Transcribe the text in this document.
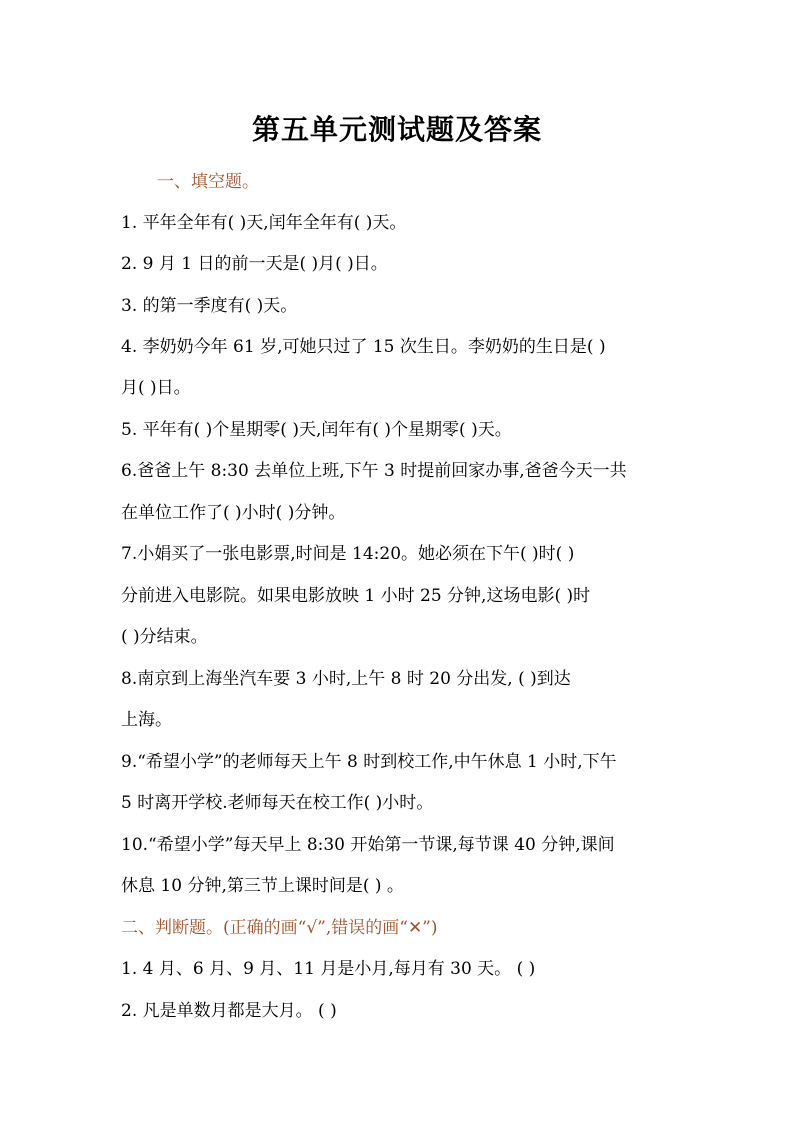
第五单元测试题及答案
一、填空题。
1. 平年全年有( )天,闰年全年有( )天。
2. 9 月 1 日的前一天是( )月( )日。
3. 的第一季度有( )天。
4. 李奶奶今年 61 岁,可她只过了 15 次生日。李奶奶的生日是( )
月( )日。
5. 平年有( )个星期零( )天,闰年有( )个星期零( )天。
6.爸爸上午 8:30 去单位上班,下午 3 时提前回家办事,爸爸今天一共
在单位工作了( )小时( )分钟。
7.小娟买了一张电影票,时间是 14:20。她必须在下午( )时( )
分前进入电影院。如果电影放映 1 小时 25 分钟,这场电影( )时
( )分结束。
8.南京到上海坐汽车要 3 小时,上午 8 时 20 分出发, ( )到达
上海。
9.“希望小学”的老师每天上午 8 时到校工作,中午休息 1 小时,下午
5 时离开学校.老师每天在校工作( )小时。
10.“希望小学”每天早上 8:30 开始第一节课,每节课 40 分钟,课间
休息 10 分钟,第三节上课时间是( ) 。
二、判断题。(正确的画“√”,错误的画“✕”)
1. 4 月、6 月、9 月、11 月是小月,每月有 30 天。 ( )
2. 凡是单数月都是大月。 ( )
